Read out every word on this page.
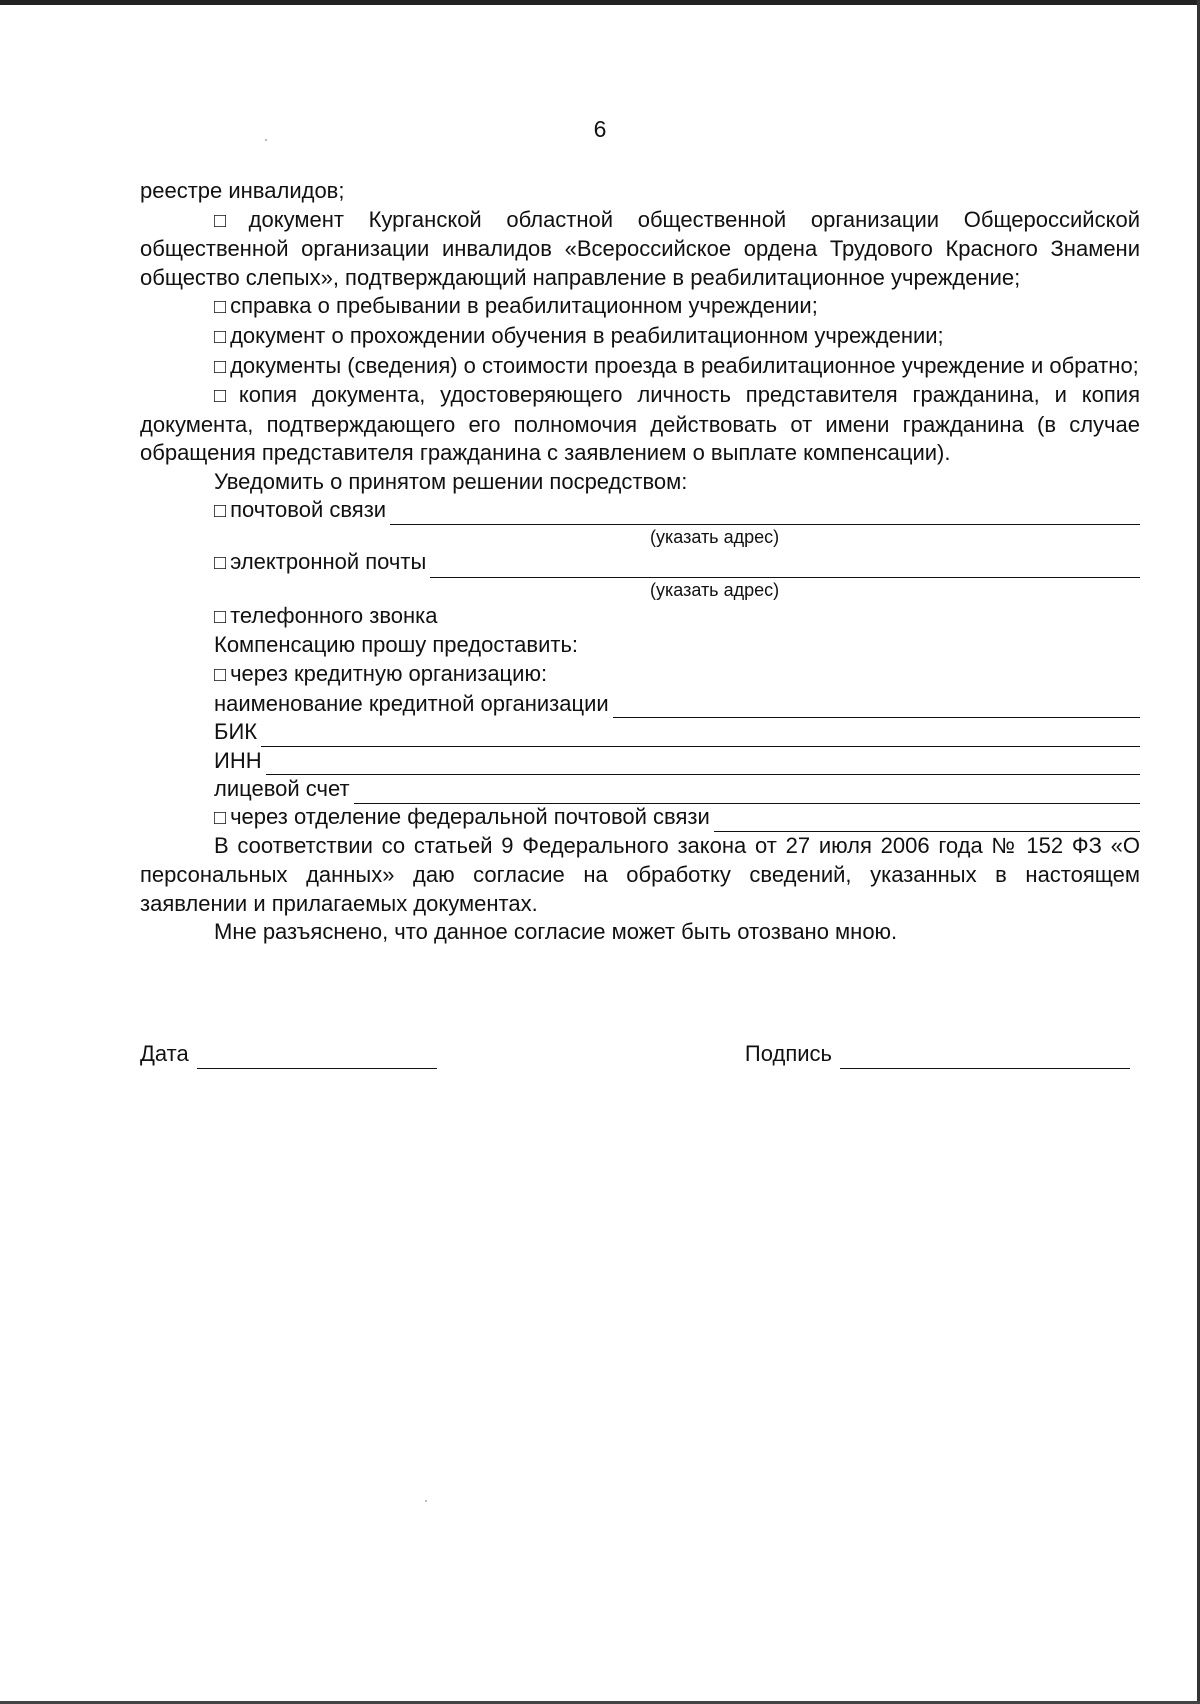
6

реестре инвалидов;

□ документ Курганской областной общественной организации Общероссийской общественной организации инвалидов «Всероссийское ордена Трудового Красного Знамени общество слепых», подтверждающий направление в реабилитационное учреждение;

□ справка о пребывании в реабилитационном учреждении;

□ документ о прохождении обучения в реабилитационном учреждении;

□ документы (сведения) о стоимости проезда в реабилитационное учреждение и обратно;

□ копия документа, удостоверяющего личность представителя гражданина, и копия документа, подтверждающего его полномочия действовать от имени гражданина (в случае обращения представителя гражданина с заявлением о выплате компенсации).

Уведомить о принятом решении посредством:

□ почтовой связи
(указать адрес)
□ электронной почты
(указать адрес)

□ телефонного звонка

Компенсацию прошу предоставить:

□ через кредитную организацию:

наименование кредитной организации
БИК
ИНН
лицевой счет
□ через отделение федеральной почтовой связи

В соответствии со статьей 9 Федерального закона от 27 июля 2006 года № 152 ФЗ «О персональных данных» даю согласие на обработку сведений, указанных в настоящем заявлении и прилагаемых документах.

Мне разъяснено, что данное согласие может быть отозвано мною.

Дата	Подпись
